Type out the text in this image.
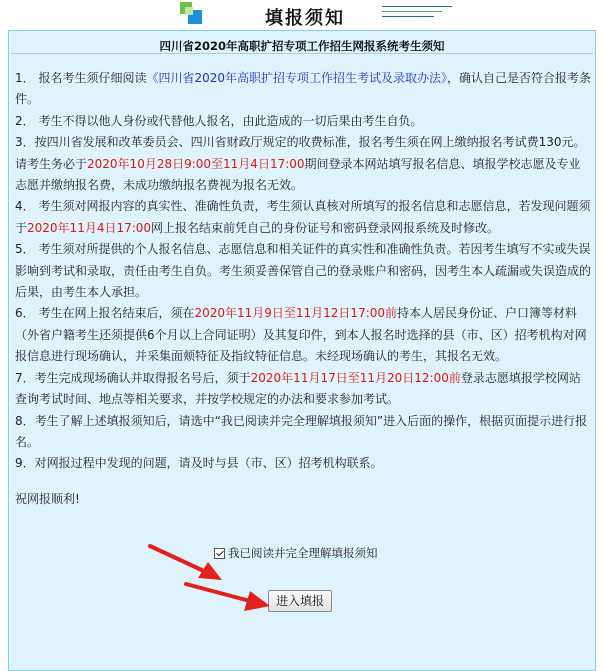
填报须知
四川省2020年高职扩招专项工作招生网报系统考生须知
1． 报名考生须仔细阅读《四川省2020年高职扩招专项工作招生考试及录取办法》，确认自己是否符合报考条件。
2． 考生不得以他人身份或代替他人报名，由此造成的一切后果由考生自负。
3．按四川省发展和改革委员会、四川省财政厅规定的收费标准，报名考生须在网上缴纳报名考试费130元。请考生务必于2020年10月28日9:00至11月4日17:00期间登录本网站填写报名信息、填报学校志愿及专业志愿并缴纳报名费，未成功缴纳报名费视为报名无效。
4． 考生须对网报内容的真实性、准确性负责，考生须认真核对所填写的报名信息和志愿信息，若发现问题须于2020年11月4日17:00网上报名结束前凭自己的身份证号和密码登录网报系统及时修改。
5． 考生须对所提供的个人报名信息、志愿信息和相关证件的真实性和准确性负责。若因考生填写不实或失误影响到考试和录取，责任由考生自负。考生须妥善保管自己的登录账户和密码，因考生本人疏漏或失误造成的后果，由考生本人承担。
6． 考生在网上报名结束后，须在2020年11月9日至11月12日17:00前持本人居民身份证、户口簿等材料 （外省户籍考生还须提供6个月以上合同证明）及其复印件，到本人报名时选择的县（市、区）招考机构对网报信息进行现场确认，并采集面颊特征及指纹特征信息。未经现场确认的考生，其报名无效。
7．考生完成现场确认并取得报名号后，须于2020年11月17日至11月20日12:00前登录志愿填报学校网站查询考试时间、地点等相关要求，并按学校规定的办法和要求参加考试。
8．考生了解上述填报须知后，请选中“我已阅读并完全理解填报须知”进入后面的操作，根据页面提示进行报名。
9．对网报过程中发现的问题，请及时与县（市、区）招考机构联系。
祝网报顺利!
我已阅读并完全理解填报须知
进入填报
